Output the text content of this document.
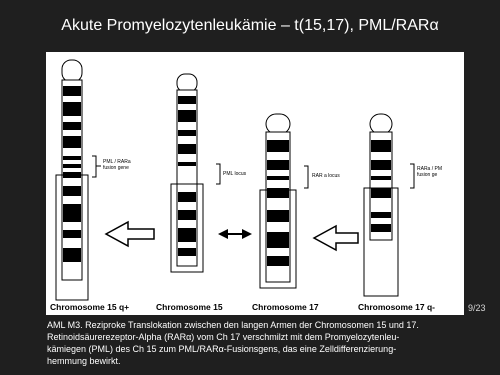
Akute Promyelozytenleukämie – t(15,17), PML/RARα
PML / RARa
fusion gene
PML locus	RAR a locus
RARa / PM
fusion ge
Chromosome 15 q+	Chromosome 15	Chromosome 17	Chromosome 17 q-	9/23
AML M3. Reziproke Translokation zwischen den langen Armen der Chromosomen 15 und 17.
Retinoidsäurerezeptor-Alpha (RARα) vom Ch 17 verschmilzt mit dem Promyelozytenleu-
kämiegen (PML) des Ch 15 zum PML/RARα-Fusionsgens, das eine Zelldifferenzierung-
hemmung bewirkt.
